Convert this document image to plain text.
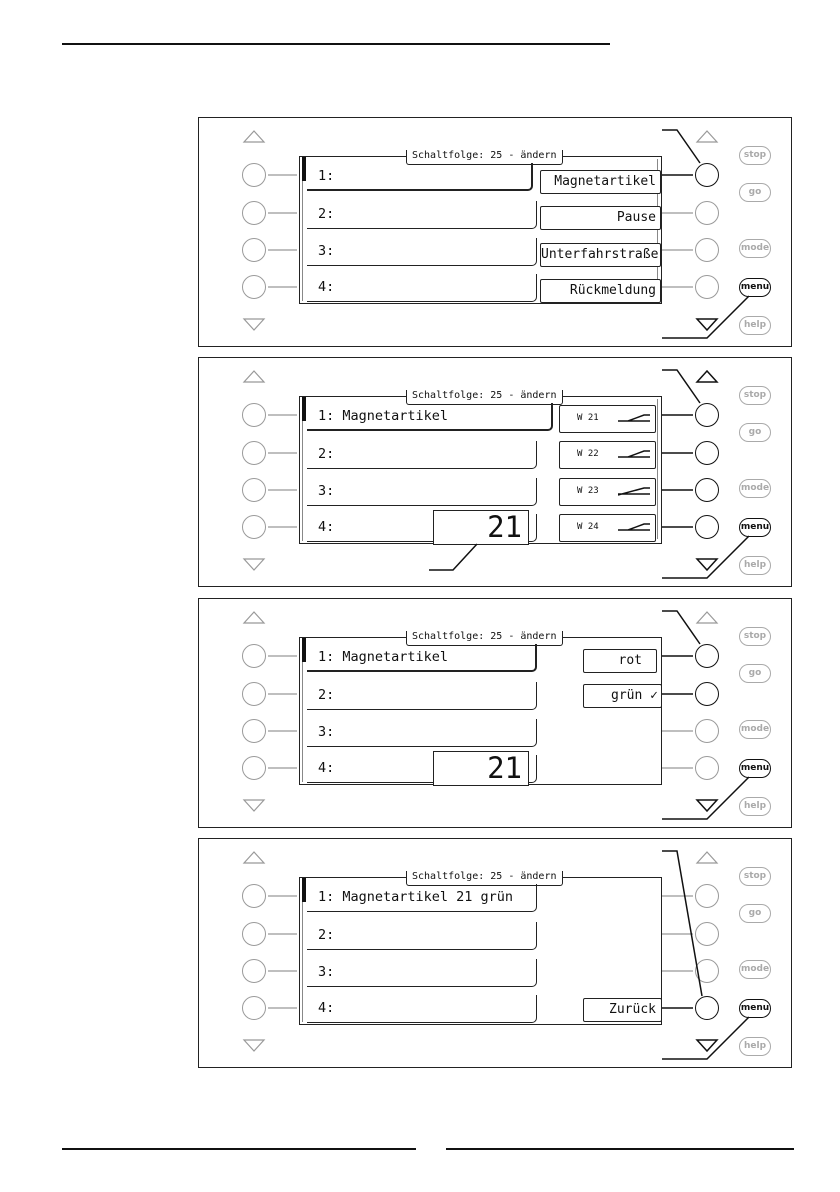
Schaltfolge: 25 - ändern
1:
2:
3:
4:
Magnetartikel
Pause
Unterfahrstraße
Rückmeldung
stop
go
mode
menu
help
Schaltfolge: 25 - ändern
1: Magnetartikel
2:
3:
4:	21
W 21
W 22
W 23
W 24
stop
go
mode
menu
help
Schaltfolge: 25 - ändern
1: Magnetartikel
2:
3:
4:	21
rot
grün ✓
stop
go
mode
menu
help
Schaltfolge: 25 - ändern
1: Magnetartikel 21 grün
2:
3:
4:	Zurück
stop
go
mode
menu
help
